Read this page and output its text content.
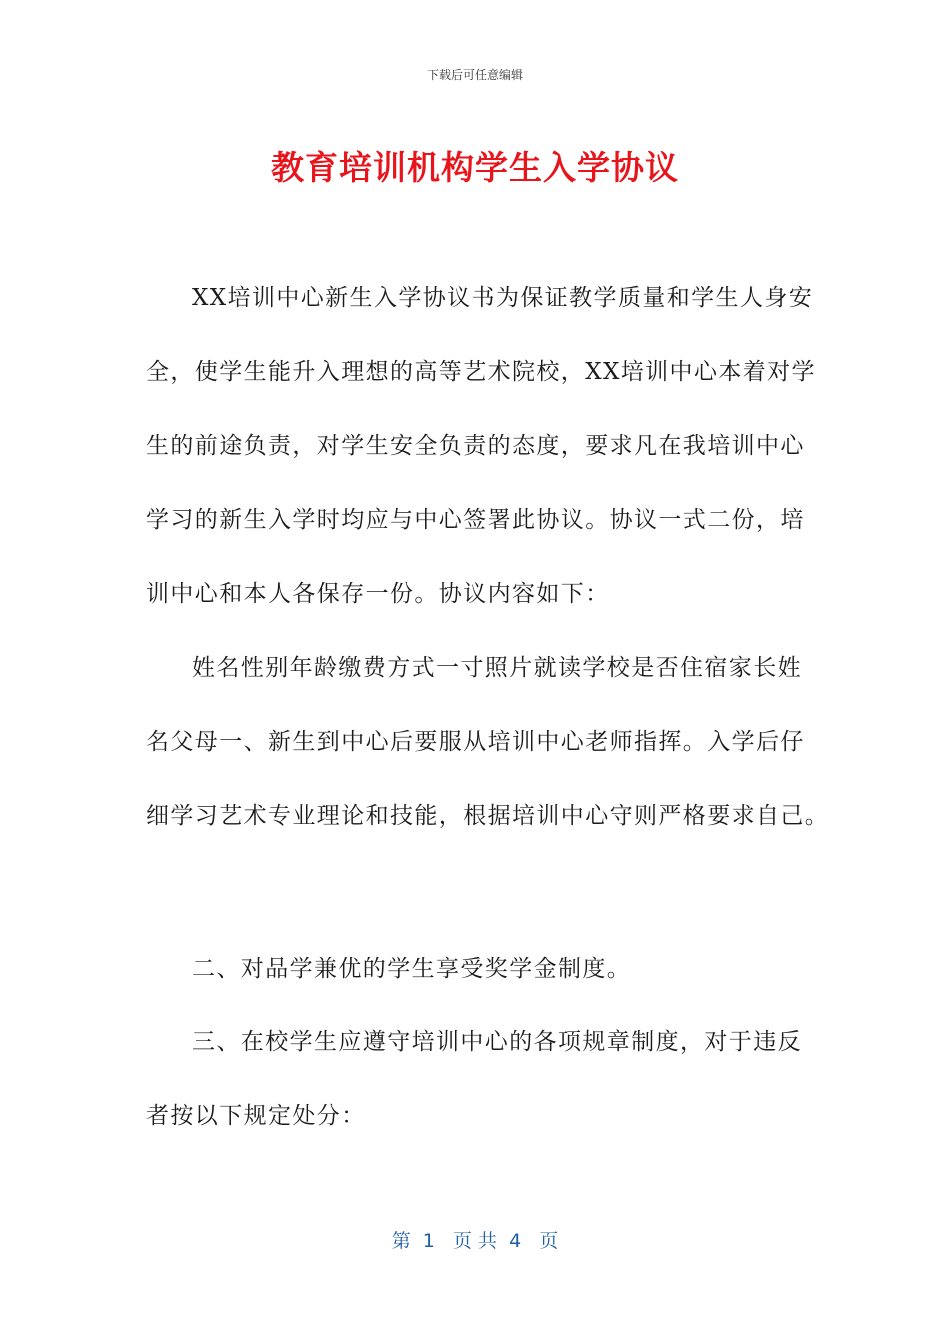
下载后可任意编辑
教育培训机构学生入学协议
XX培训中心新生入学协议书为保证教学质量和学生人身安
全，使学生能升入理想的高等艺术院校，XX培训中心本着对学
生的前途负责，对学生安全负责的态度，要求凡在我培训中心
学习的新生入学时均应与中心签署此协议。协议一式二份，培
训中心和本人各保存一份。协议内容如下：
姓名性别年龄缴费方式一寸照片就读学校是否住宿家长姓
名父母一、新生到中心后要服从培训中心老师指挥。入学后仔
细学习艺术专业理论和技能，根据培训中心守则严格要求自己。
二、对品学兼优的学生享受奖学金制度。
三、在校学生应遵守培训中心的各项规章制度，对于违反
者按以下规定处分：
第  1   页 共  4   页
